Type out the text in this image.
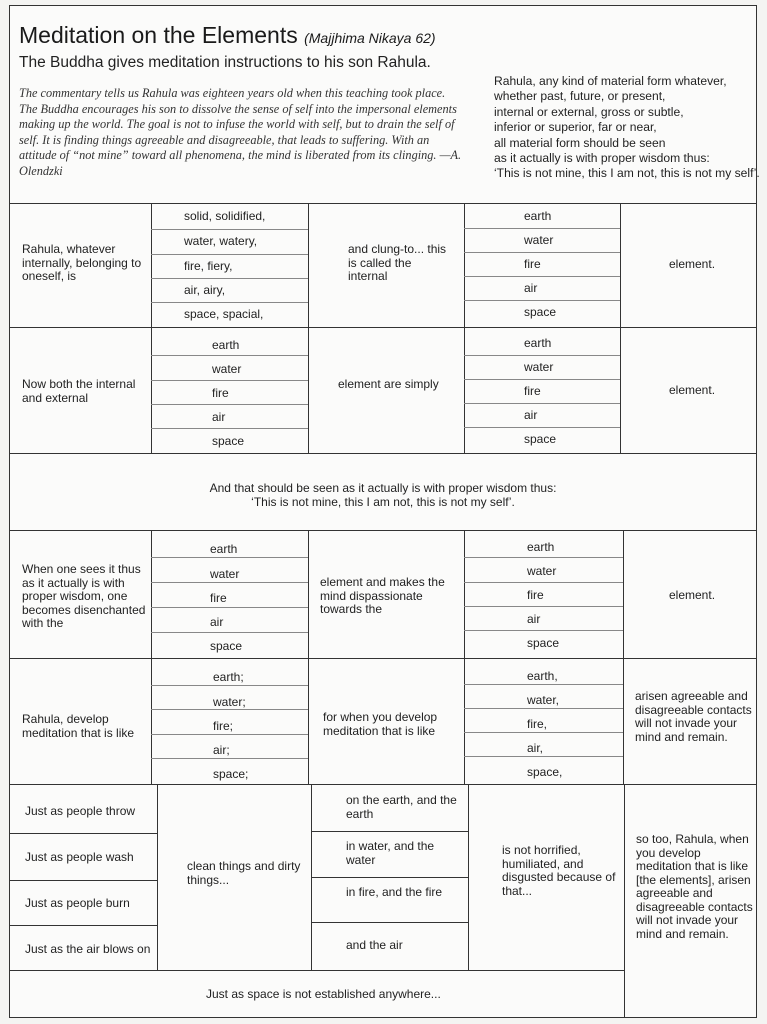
Meditation on the Elements (Majjhima Nikaya 62)
The Buddha gives meditation instructions to his son Rahula.
The commentary tells us Rahula was eighteen years old when this teaching took place. The Buddha encourages his son to dissolve the sense of self into the impersonal elements making up the world. The goal is not to infuse the world with self, but to drain the self of self. It is finding things agreeable and disagreeable, that leads to suffering. With an attitude of “not mine” toward all phenomena, the mind is liberated from its clinging. —A. Olendzki
Rahula, any kind of material form whatever,
whether past, future, or present,
internal or external, gross or subtle,
inferior or superior, far or near,
all material form should be seen
as it actually is with proper wisdom thus:
‘This is not mine, this I am not, this is not my self’.
Rahula, whatever internally, belonging to oneself, is
solid, solidified,
water, watery,
fire, fiery,
air, airy,
space, spacial,
and clung-to... this is called the internal
earth
water
fire
air
space
element.
Now both the internal and external
earth
water
fire
air
space
element are simply
earth
water
fire
air
space
element.
And that should be seen as it actually is with proper wisdom thus:
‘This is not mine, this I am not, this is not my self’.
When one sees it thus as it actually is with proper wisdom, one becomes disenchanted with the
earth
water
fire
air
space
element and makes the mind dispassionate towards the
earth
water
fire
air
space
element.
Rahula, develop meditation that is like
earth;
water;
fire;
air;
space;
for when you develop meditation that is like
earth,
water,
fire,
air,
space,
arisen agreeable and disagreeable contacts will not invade your mind and remain.
Just as people throw
Just as people wash
Just as people burn
Just as the air blows on
clean things and dirty things...
on the earth, and the earth
in water, and the water
in fire, and the fire
and the air
is not horrified, humiliated, and disgusted because of that...
so too, Rahula, when you develop meditation that is like [the elements], arisen agreeable and disagreeable contacts will not invade your mind and remain.
Just as space is not established anywhere...
